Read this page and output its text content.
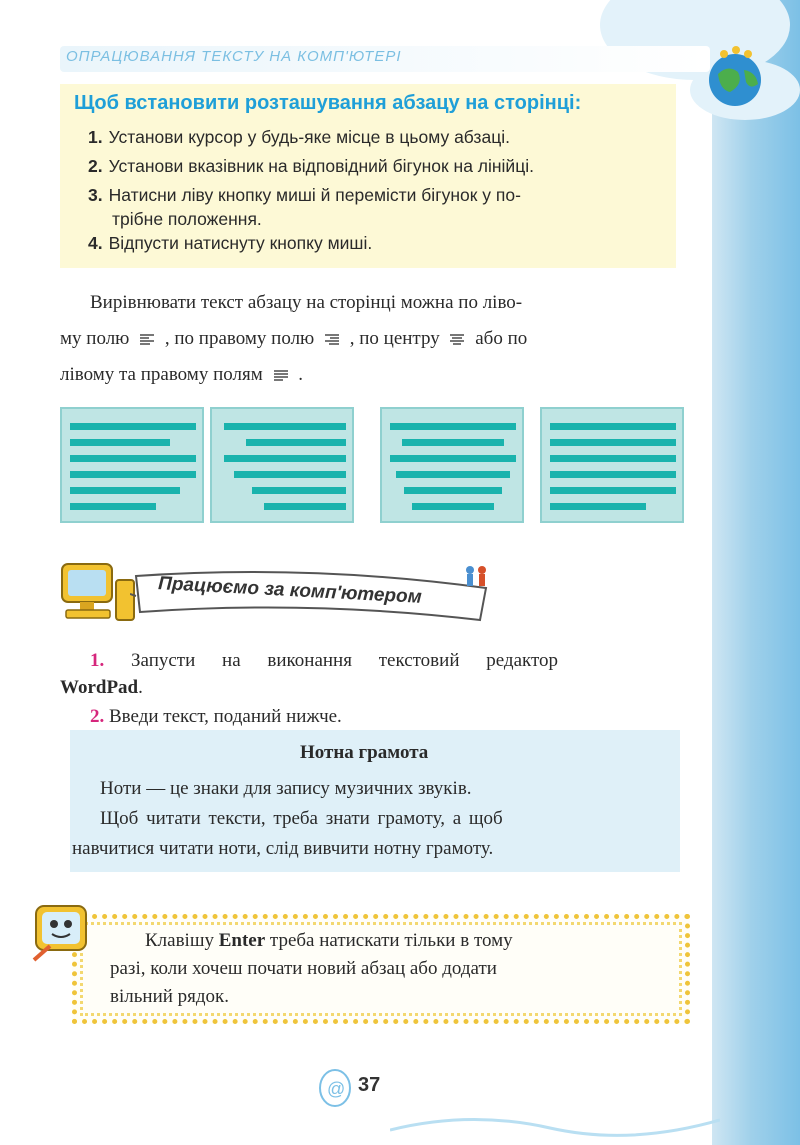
ОПРАЦЮВАННЯ ТЕКСТУ НА КОМП'ЮТЕРІ
Щоб встановити розташування абзацу на сторінці:
1. Установи курсор у будь-яке місце в цьому абзаці.
2. Установи вказівник на відповідний бігунок на лінійці.
3. Натисни ліву кнопку миші й перемісти бігунок у по-
трібне положення.
4. Відпусти натиснуту кнопку миші.
Вирівнювати текст абзацу на сторінці можна по ліво-
му полю , по правому полю , по центру або по
лівому та правому полям .
Працюємо за комп'ютером
1. Запусти на виконання текстовий редактор
WordPad.
2. Введи текст, поданий нижче.
Нотна грамота
Ноти — це знаки для запису музичних звуків.
Щоб читати тексти, треба знати грамоту, а щоб
навчитися читати ноти, слід вивчити нотну грамоту.
Клавішу Enter треба натискати тільки в тому
разі, коли хочеш почати новий абзац або додати
вільний рядок.
@ 37
